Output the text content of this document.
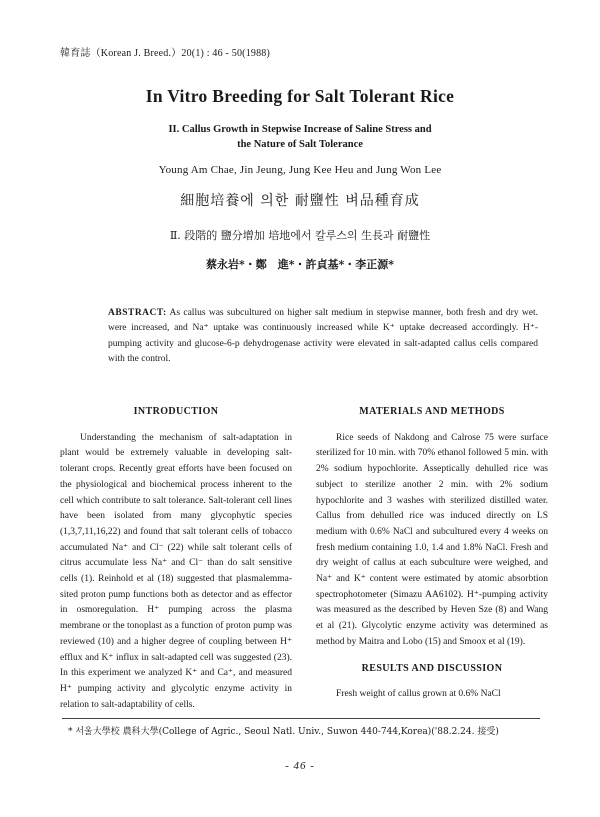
韓育誌（Korean J. Breed.）20(1) : 46 - 50(1988)
In Vitro Breeding for Salt Tolerant Rice
II. Callus Growth in Stepwise Increase of Saline Stress and
the Nature of Salt Tolerance
Young Am Chae, Jin Jeung, Jung Kee Heu and Jung Won Lee
細胞培養에 의한 耐鹽性 벼品種育成
Ⅱ. 段階的 鹽分增加 培地에서 칼루스의 生長과 耐鹽性
蔡永岩*・鄭　進*・許貞基*・李正源*
ABSTRACT: As callus was subcultured on higher salt medium in stepwise manner, both fresh and dry wet. were increased, and Na⁺ uptake was continuously increased while K⁺ uptake decreased accordingly. H⁺-pumping activity and glucose-6-p dehydrogenase activity were elevated in salt-adapted callus cells compared with the control.
INTRODUCTION

Understanding the mechanism of salt-adaptation in plant would be extremely valuable in developing salt-tolerant crops. Recently great efforts have been focused on the physiological and biochemical process inherent to the cell which contribute to salt tolerance. Salt-tolerant cell lines have been isolated from many glycophytic species (1,3,7,11,16,22) and found that salt tolerant cells of tobacco accumulated Na⁺ and Cl⁻ (22) while salt tolerant cells of citrus accumulate less Na⁺ and Cl⁻ than do salt sensitive cells (1). Reinhold et al (18) suggested that plasmalemma-sited proton pump functions both as detector and as effector in osmoregulation. H⁺ pumping across the plasma membrane or the tonoplast as a function of proton pump was reviewed (10) and a higher degree of coupling between H⁺ efflux and K⁺ influx in salt-adapted cell was suggested (23). In this experiment we analyzed K⁺ and Ca⁺, and measured H⁺ pumping activity and glycolytic enzyme activity in relation to salt-adaptability of cells.

MATERIALS AND METHODS

Rice seeds of Nakdong and Calrose 75 were surface sterilized for 10 min. with 70% ethanol followed 5 min. with 2% sodium hypochlorite. Asseptically dehulled rice was subject to sterilize another 2 min. with 2% sodium hypochlorite and 3 washes with sterilized distilled water. Callus from dehulled rice was induced directly on LS medium with 0.6% NaCl and subcultured every 4 weeks on fresh medium containing 1.0, 1.4 and 1.8% NaCl. Fresh and dry weight of callus at each subculture were weighed, and Na⁺ and K⁺ content were estimated by atomic absorbtion spectrophotometer (Simazu AA6102). H⁺-pumping activity was measured as the described by Heven Sze (8) and Wang et al (21). Glycolytic enzyme activity was determined as method by Maitra and Lobo (15) and Smoox et al (19).

RESULTS AND DISCUSSION

Fresh weight of callus grown at 0.6% NaCl

* 서울大學校 農科大學(College of Agric., Seoul Natl. Univ., Suwon 440-744,Korea)('88.2.24. 接受)
- 46 -
